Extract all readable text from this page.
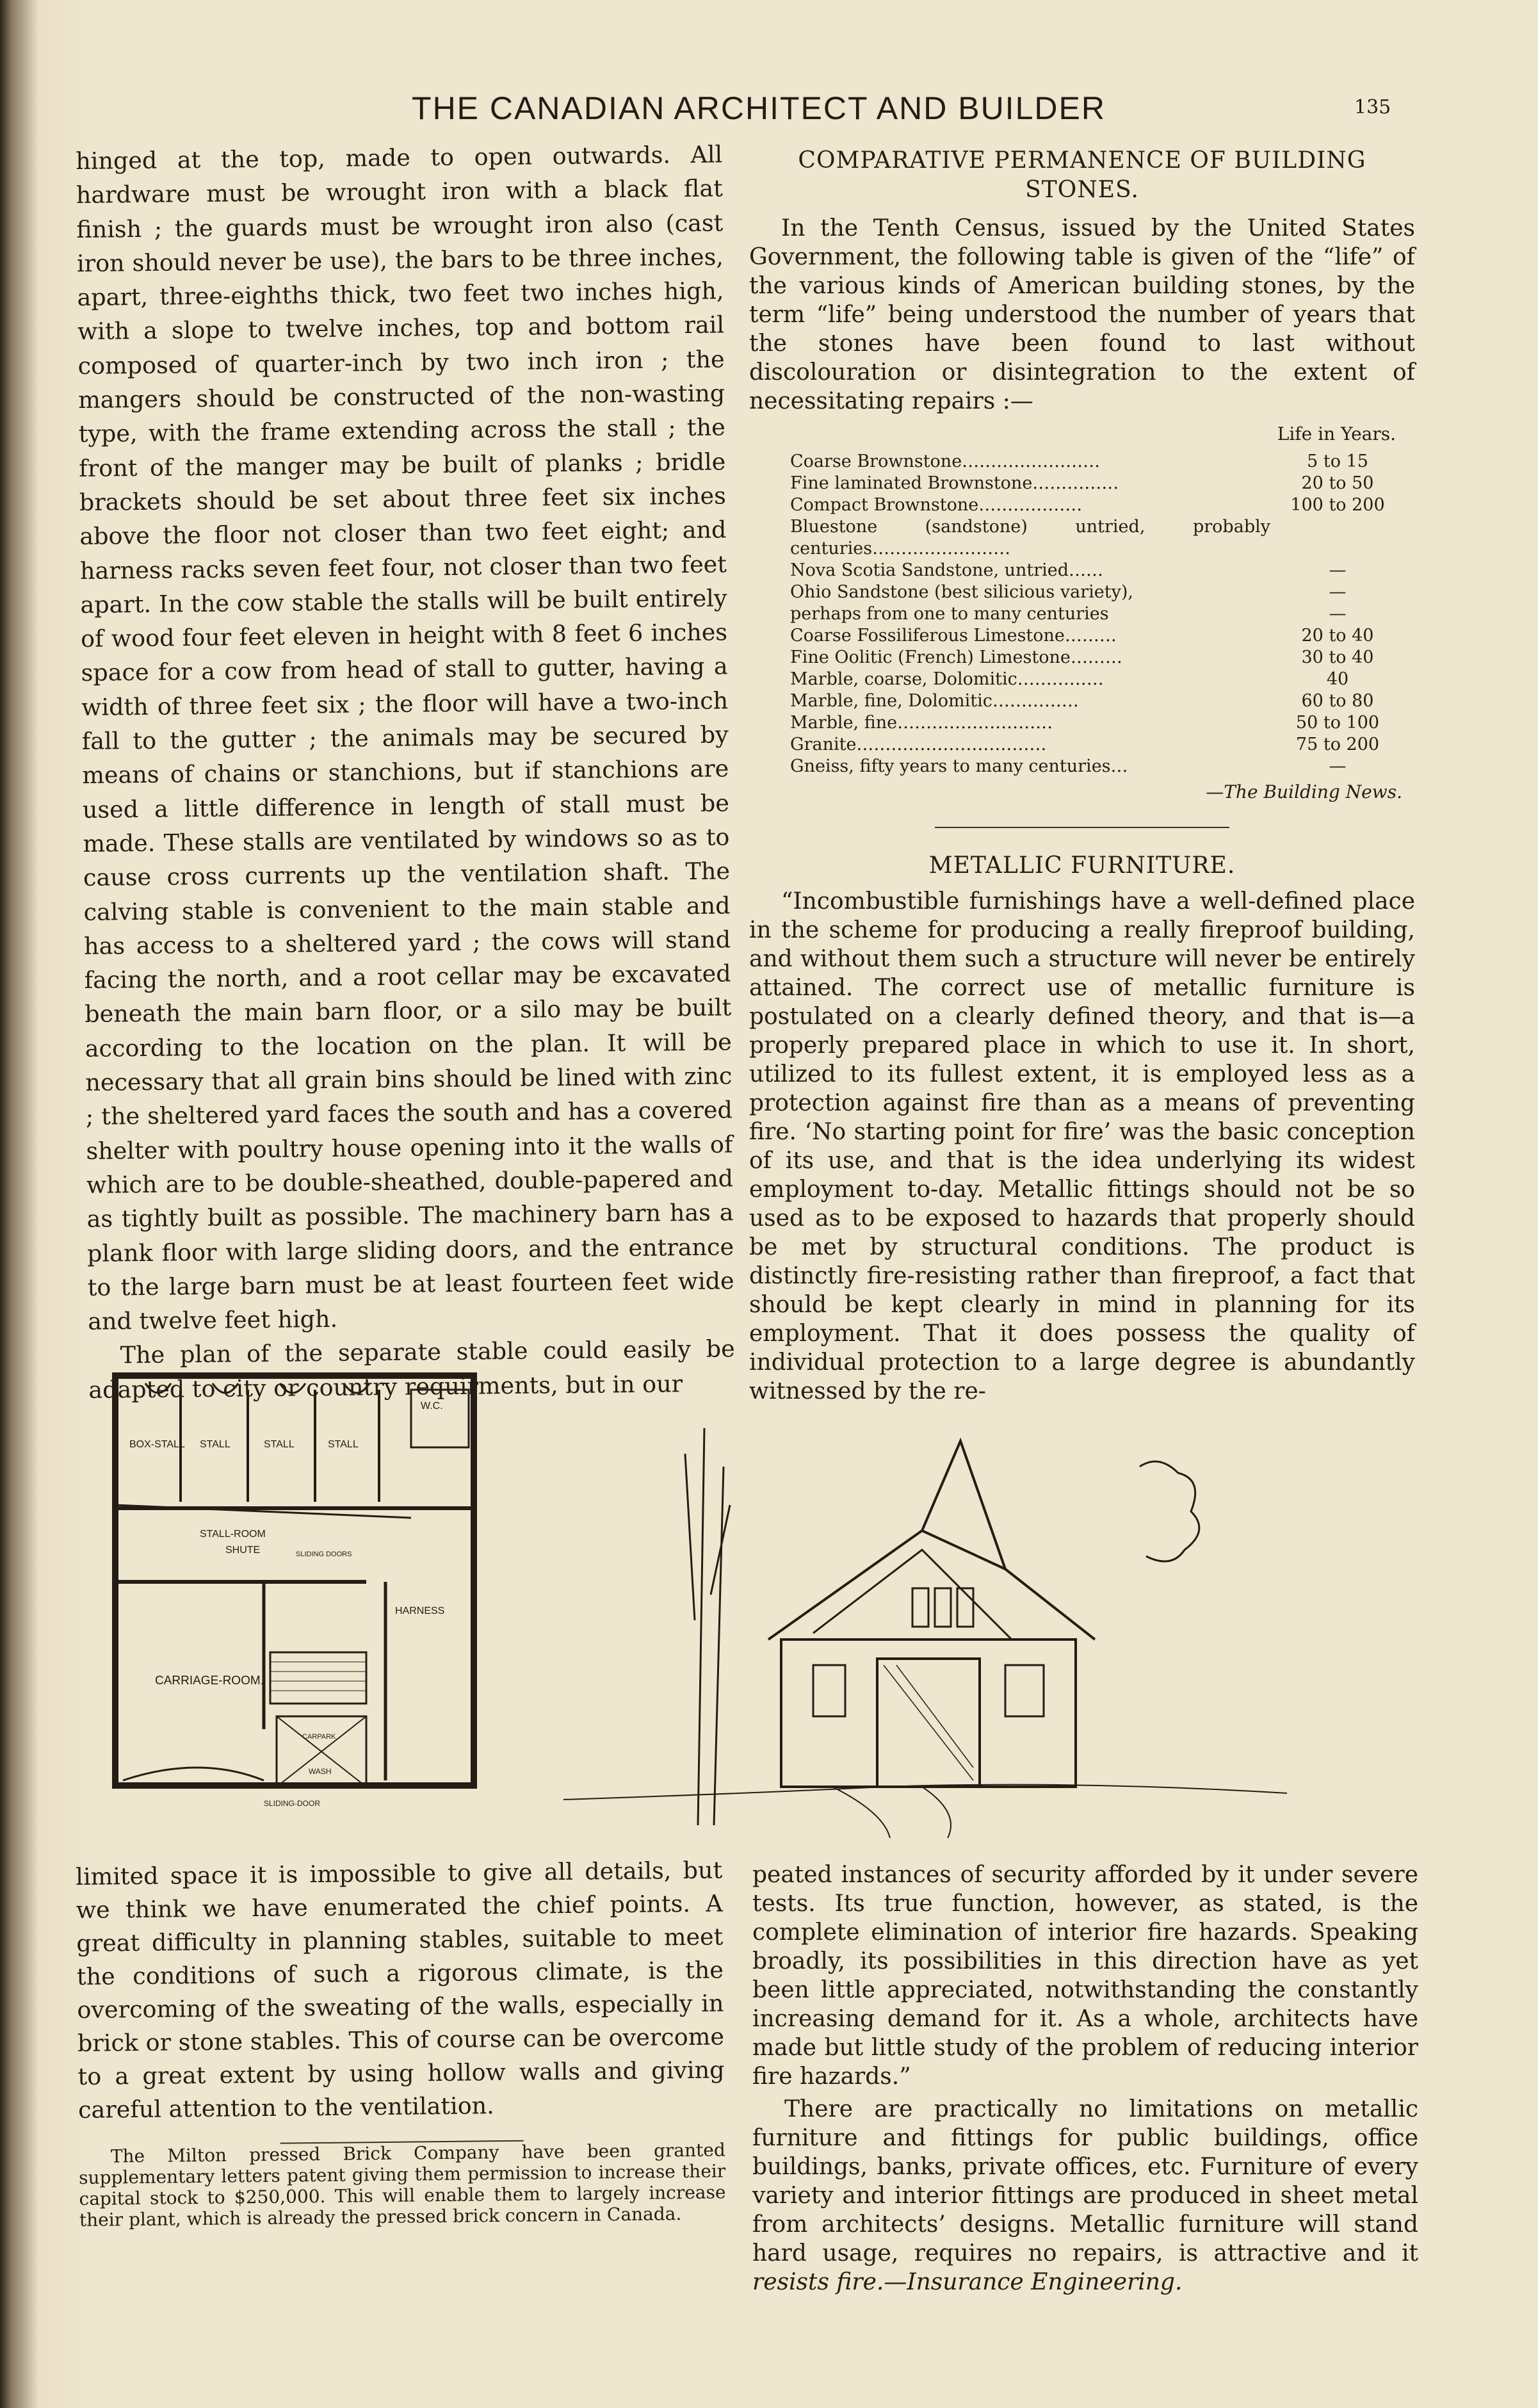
THE CANADIAN ARCHITECT AND BUILDER	135

hinged at the top, made to open outwards. All hardware must be wrought iron with a black flat finish ; the guards must be wrought iron also (cast iron should never be use), the bars to be three inches, apart, three-eighths thick, two feet two inches high, with a slope to twelve inches, top and bottom rail composed of quarter-inch by two inch iron ; the mangers should be constructed of the non-wasting type, with the frame extending across the stall ; the front of the manger may be built of planks ; bridle brackets should be set about three feet six inches above the floor not closer than two feet eight; and harness racks seven feet four, not closer than two feet apart. In the cow stable the stalls will be built entirely of wood four feet eleven in height with 8 feet 6 inches space for a cow from head of stall to gutter, having a width of three feet six ; the floor will have a two-inch fall to the gutter ; the animals may be secured by means of chains or stanchions, but if stanchions are used a little difference in length of stall must be made. These stalls are ventilated by windows so as to cause cross currents up the ventilation shaft. The calving stable is convenient to the main stable and has access to a sheltered yard ; the cows will stand facing the north, and a root cellar may be excavated beneath the main barn floor, or a silo may be built according to the location on the plan. It will be necessary that all grain bins should be lined with zinc ; the sheltered yard faces the south and has a covered shelter with poultry house opening into it the walls of which are to be double-sheathed, double-papered and as tightly built as possible. The machinery barn has a plank floor with large sliding doors, and the entrance to the large barn must be at least fourteen feet wide and twelve feet high.

The plan of the separate stable could easily be adapted to city or country requirments, but in our

COMPARATIVE PERMANENCE OF BUILDING STONES.

In the Tenth Census, issued by the United States Government, the following table is given of the “life” of the various kinds of American building stones, by the term “life” being understood the number of years that the stones have been found to last without discolouration or disintegration to the extent of necessitating repairs :—

Life in Years.
Coarse Brownstone……………………	5 to 15
Fine laminated Brownstone……………	20 to 50
Compact Brownstone………………	100 to 200
Bluestone (sandstone) untried, probably centuries……………………	
Nova Scotia Sandstone, untried……	—
Ohio Sandstone (best silicious variety),	—
perhaps from one to many centuries	—
Coarse Fossiliferous Limestone………	20 to 40
Fine Oolitic (French) Limestone………	30 to 40
Marble, coarse, Dolomitic……………	40
Marble, fine, Dolomitic……………	60 to 80
Marble, fine………………………	50 to 100
Granite……………………………	75 to 200
Gneiss, fifty years to many centuries…	—
—The Building News.
METALLIC FURNITURE.

“Incombustible furnishings have a well-defined place in the scheme for producing a really fireproof building, and without them such a structure will never be entirely attained. The correct use of metallic furniture is postulated on a clearly defined theory, and that is—a properly prepared place in which to use it. In short, utilized to its fullest extent, it is employed less as a protection against fire than as a means of preventing fire. ‘No starting point for fire’ was the basic conception of its use, and that is the idea underlying its widest employment to-day. Metallic fittings should not be so used as to be exposed to hazards that properly should be met by structural conditions. The product is distinctly fire-resisting rather than fireproof, a fact that should be kept clearly in mind in planning for its employment. That it does possess the quality of individual protection to a large degree is abundantly witnessed by the re-

BOX-STALL STALL	STALL	STALL
W.C.
STALL-ROOM
SHUTE	SLIDING DOORS
HARNESS
CARRIAGE-ROOM.
CARPARK
WASH
SLIDING-DOOR

limited space it is impossible to give all details, but we think we have enumerated the chief points. A great difficulty in planning stables, suitable to meet the conditions of such a rigorous climate, is the overcoming of the sweating of the walls, especially in brick or stone stables. This of course can be overcome to a great extent by using hollow walls and giving careful attention to the ventilation.

The Milton pressed Brick Company have been granted supplementary letters patent giving them permission to increase their capital stock to $250,000. This will enable them to largely increase their plant, which is already the pressed brick concern in Canada.

peated instances of security afforded by it under severe tests. Its true function, however, as stated, is the complete elimination of interior fire hazards. Speaking broadly, its possibilities in this direction have as yet been little appreciated, notwithstanding the constantly increasing demand for it. As a whole, architects have made but little study of the problem of reducing interior fire hazards.”

There are practically no limitations on metallic furniture and fittings for public buildings, office buildings, banks, private offices, etc. Furniture of every variety and interior fittings are produced in sheet metal from architects’ designs. Metallic furniture will stand hard usage, requires no repairs, is attractive and it resists fire.—Insurance Engineering.
